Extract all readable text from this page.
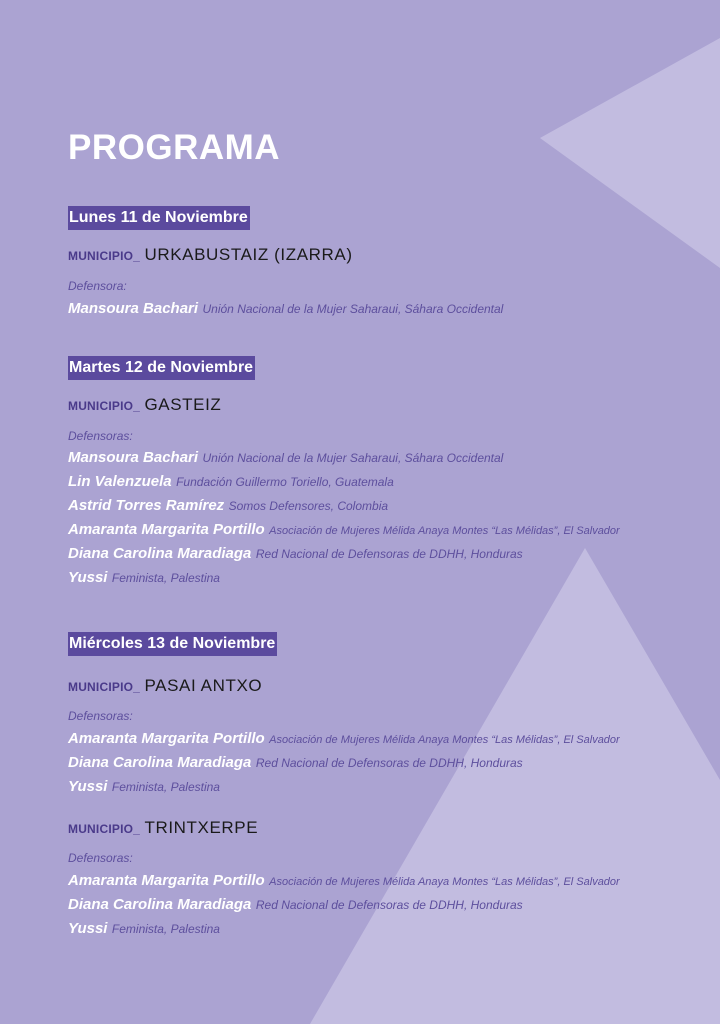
PROGRAMA
Lunes 11 de Noviembre
MUNICIPIO_ URKABUSTAIZ (IZARRA)
Defensora:
Mansoura Bachari Unión Nacional de la Mujer Saharaui, Sáhara Occidental
Martes 12 de Noviembre
MUNICIPIO_ GASTEIZ
Defensoras:
Mansoura Bachari Unión Nacional de la Mujer Saharaui, Sáhara Occidental
Lin Valenzuela Fundación Guillermo Toriello, Guatemala
Astrid Torres Ramírez Somos Defensores, Colombia
Amaranta Margarita Portillo Asociación de Mujeres Mélida Anaya Montes “Las Mélidas”, El Salvador
Diana Carolina Maradiaga Red Nacional de Defensoras de DDHH, Honduras
Yussi Feminista, Palestina
Miércoles 13 de Noviembre
MUNICIPIO_ PASAI ANTXO
Defensoras:
Amaranta Margarita Portillo Asociación de Mujeres Mélida Anaya Montes “Las Mélidas”, El Salvador
Diana Carolina Maradiaga Red Nacional de Defensoras de DDHH, Honduras
Yussi Feminista, Palestina
MUNICIPIO_ TRINTXERPE
Defensoras:
Amaranta Margarita Portillo Asociación de Mujeres Mélida Anaya Montes “Las Mélidas”, El Salvador
Diana Carolina Maradiaga Red Nacional de Defensoras de DDHH, Honduras
Yussi Feminista, Palestina
